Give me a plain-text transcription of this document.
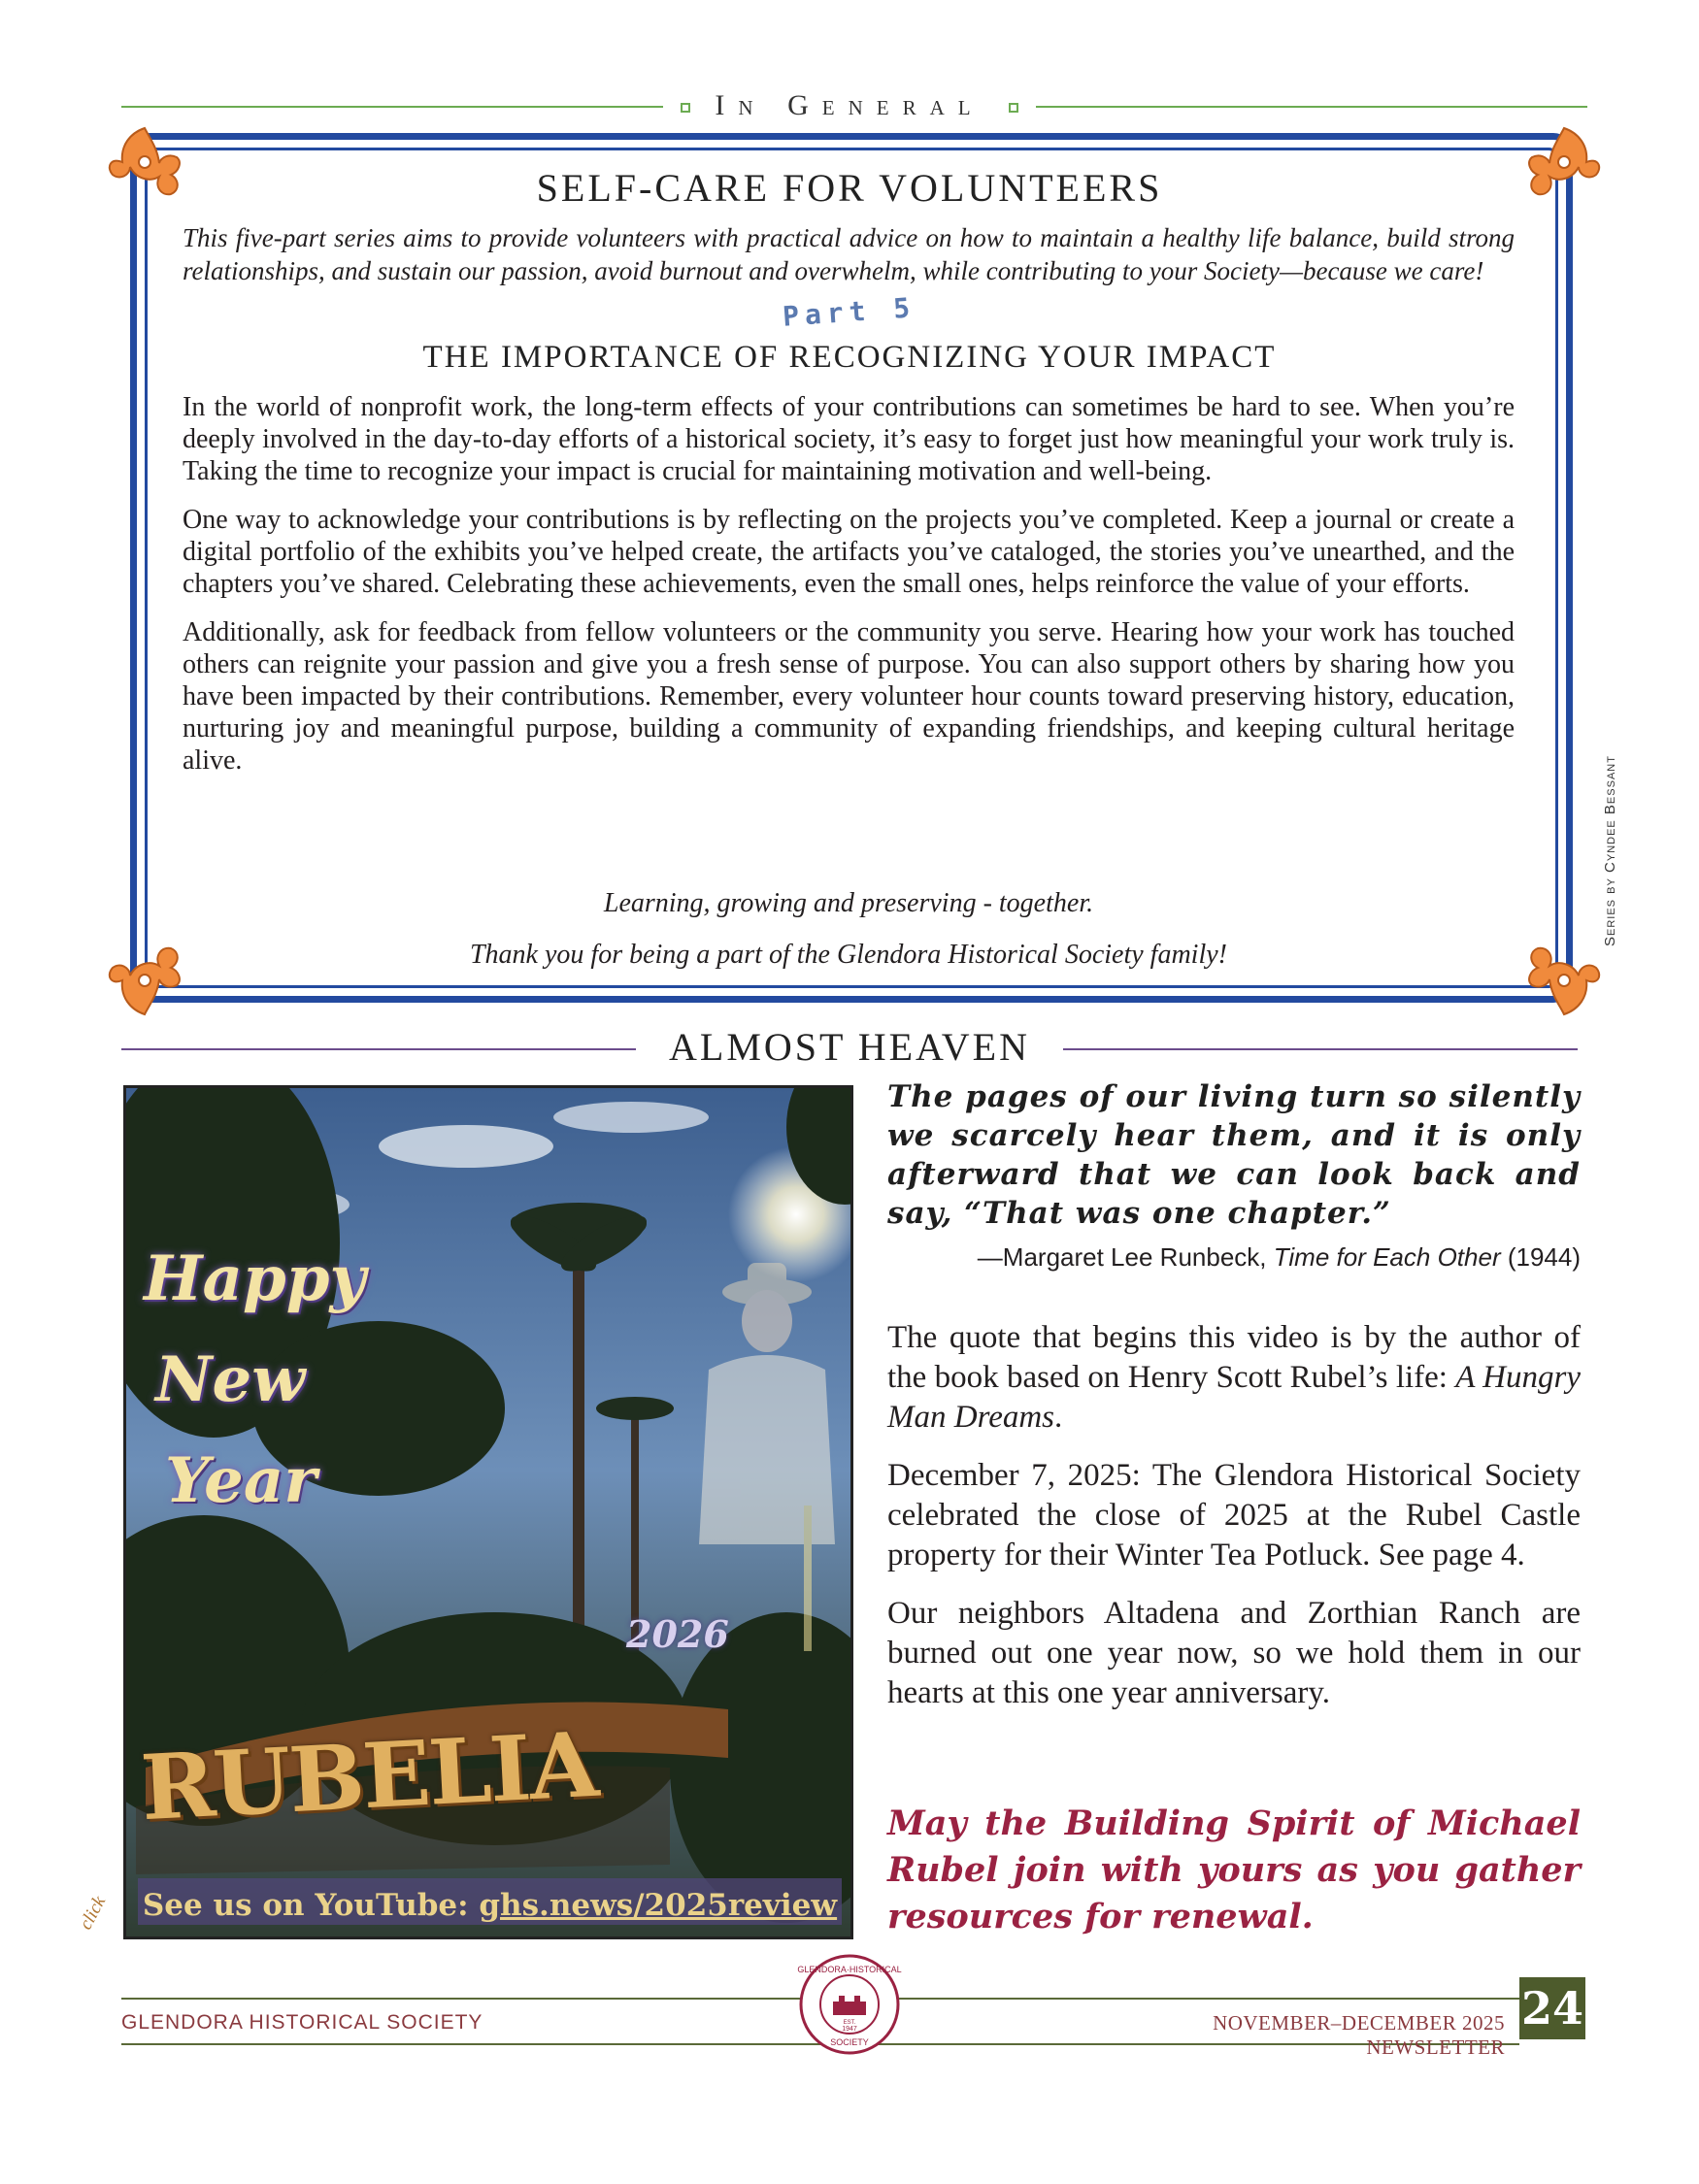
In General
SELF-CARE FOR VOLUNTEERS
This five-part series aims to provide volunteers with practical advice on how to maintain a healthy life balance, build strong relationships, and sustain our passion, avoid burnout and overwhelm, while contributing to your Society—because we care!
Part 5
THE IMPORTANCE OF RECOGNIZING YOUR IMPACT

In the world of nonprofit work, the long-term effects of your contributions can sometimes be hard to see. When you’re deeply involved in the day-to-day efforts of a historical society, it’s easy to forget just how meaningful your work truly is. Taking the time to recognize your impact is crucial for maintaining motivation and well-being.

One way to acknowledge your contributions is by reflecting on the projects you’ve completed. Keep a journal or create a digital portfolio of the exhibits you’ve helped create, the artifacts you’ve cataloged, the stories you’ve unearthed, and the chapters you’ve shared. Celebrating these achievements, even the small ones, helps reinforce the value of your efforts.

Additionally, ask for feedback from fellow volunteers or the community you serve. Hearing how your work has touched others can reignite your passion and give you a fresh sense of purpose. You can also support others by sharing how you have been impacted by their contributions. Remember, every volunteer hour counts toward preserving history, education, nurturing joy and meaningful purpose, building a community of expanding friendships, and keeping cultural heritage alive.

Learning, growing and preserving - together.
Thank you for being a part of the Glendora Historical Society family!
Series by Cyndee Bessant
ALMOST HEAVEN
Happy
New
Year
2026
RUBELIA
See us on YouTube: ghs.news/2025review
click
The pages of our living turn so silently we scarcely hear them, and it is only afterward that we can look back and say, “That was one chapter.”
—Margaret Lee Runbeck, Time for Each Other (1944)

The quote that begins this video is by the author of the book based on Henry Scott Rubel’s life: A Hungry Man Dreams.

December 7, 2025: The Glendora Historical Society celebrated the close of 2025 at the Rubel Castle property for their Winter Tea Potluck. See page 4.

Our neighbors Altadena and Zorthian Ranch are burned out one year now, so we hold them in our hearts at this one year anniversary.

May the Building Spirit of Michael Rubel join with yours as you gather resources for renewal.
GLENDORA HISTORICAL SOCIETY
GLENDORA·HISTORICAL
SOCIETY
EST.
1947	NOVEMBER–DECEMBER 2025 NEWSLETTER
24
